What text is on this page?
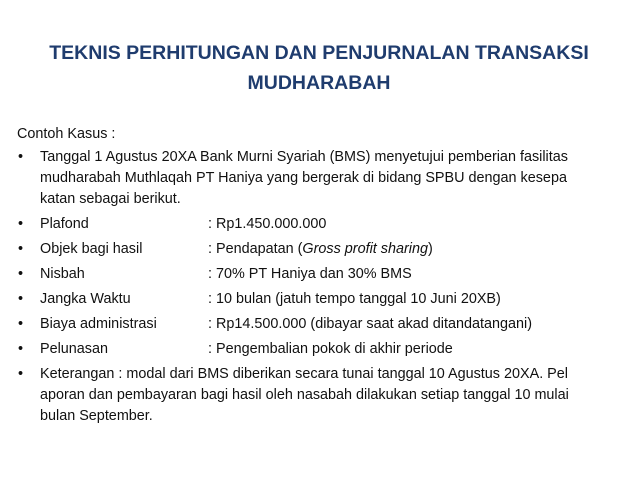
TEKNIS PERHITUNGAN DAN PENJURNALAN TRANSAKSI
MUDHARABAH
Contoh Kasus :
• Tanggal 1 Agustus 20XA Bank Murni Syariah (BMS) menyetujui pemberian fasilitas
mudharabah Muthlaqah PT Haniya yang bergerak di bidang SPBU dengan kesepa
katan sebagai berikut.
• Plafond	: Rp1.450.000.000
• Objek bagi hasil	: Pendapatan (Gross profit sharing)
• Nisbah	: 70% PT Haniya dan 30% BMS
• Jangka Waktu	: 10 bulan (jatuh tempo tanggal 10 Juni 20XB)
• Biaya administrasi	: Rp14.500.000 (dibayar saat akad ditandatangani)
• Pelunasan	: Pengembalian pokok di akhir periode
• Keterangan : modal dari BMS diberikan secara tunai tanggal 10 Agustus 20XA. Pel
aporan dan pembayaran bagi hasil oleh nasabah dilakukan setiap tanggal 10 mulai
bulan September.
